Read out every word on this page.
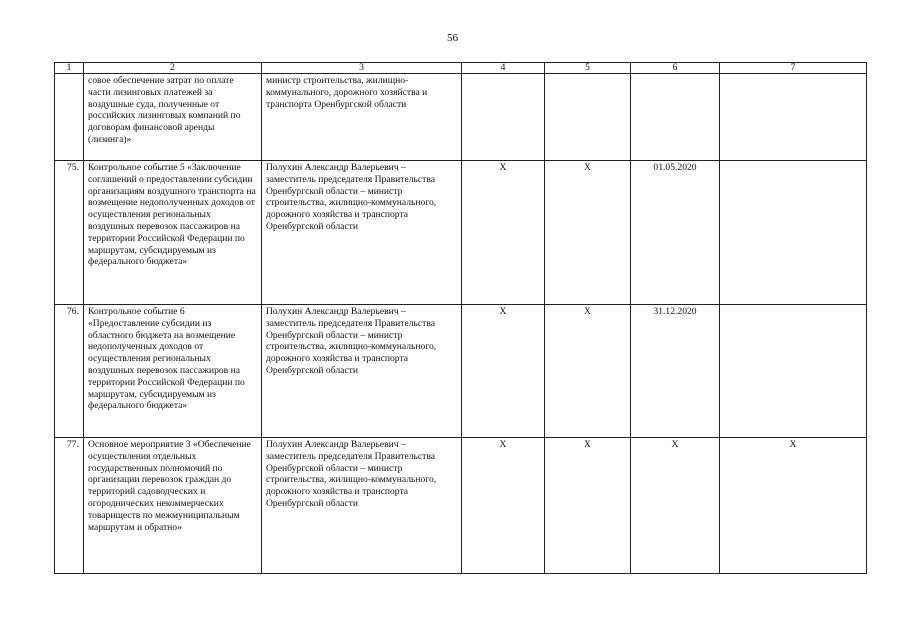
56
1	2	3	4	5	6	7
	совое обеспечение затрат по оплате части лизинговых платежей за воздушные суда, полученные от российских лизинговых компаний по договорам финансовой аренды (лизинга)»	министр строительства, жилищно-коммунального, дорожного хозяйства и транспорта Оренбургской области				
75.	Контрольное событие 5 «Заключение соглашений о предоставлении субсидии организациям воздушного транспорта на возмещение недополученных доходов от осуществления региональных воздушных перевозок пассажиров на территории Российской Федерации по маршрутам, субсидируемым из федерального бюджета»	Полухин Александр Валерьевич – заместитель председателя Правительства Оренбургской области – министр строительства, жилищно-коммунального, дорожного хозяйства и транспорта Оренбургской области	X	X	01.05.2020	
76.	Контрольное событие 6 «Предоставление субсидии из областного бюджета на возмещение недополученных доходов от осуществления региональных воздушных перевозок пассажиров на территории Российской Федерации по маршрутам, субсидируемым из федерального бюджета»	Полухин Александр Валерьевич – заместитель председателя Правительства Оренбургской области – министр строительства, жилищно-коммунального, дорожного хозяйства и транспорта Оренбургской области	X	X	31.12.2020	
77.	Основное мероприятие 3 «Обеспечение осуществления отдельных государственных полномочий по организации перевозок граждан до территорий садоводческих и огороднических некоммерческих товариществ по межмуниципальным маршрутам и обратно»	Полухин Александр Валерьевич – заместитель председателя Правительства Оренбургской области – министр строительства, жилищно-коммунального, дорожного хозяйства и транспорта Оренбургской области	X	X	X	X
